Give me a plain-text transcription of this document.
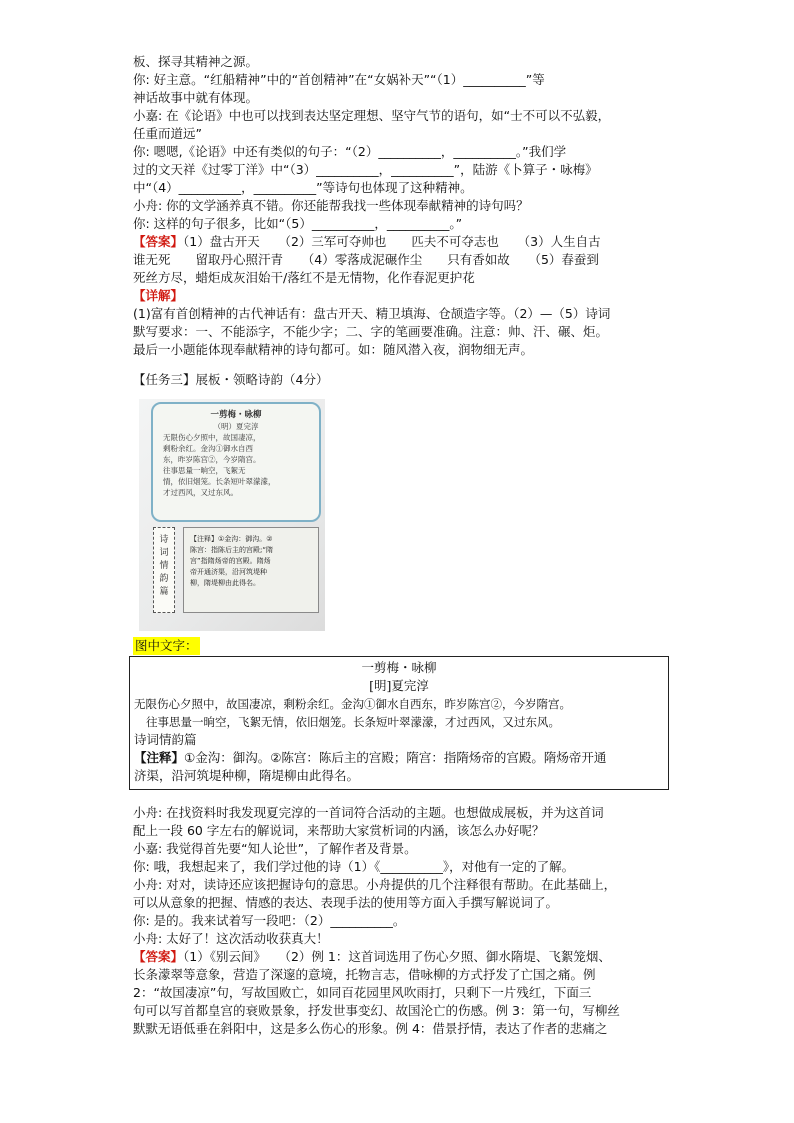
板、探寻其精神之源。
你: 好主意。“红船精神”中的“首创精神”在“女娲补天”“（1）__________”等
神话故事中就有体现。
小嘉: 在《论语》中也可以找到表达坚定理想、坚守气节的语句，如“士不可以不弘毅，
任重而道远”
你: 嗯嗯,《论语》中还有类似的句子：“（2）__________，__________。”我们学
过的文天祥《过零丁洋》中“（3）__________，__________”，陆游《卜算子・咏梅》
中“（4）__________，__________”等诗句也体现了这种精神。
小舟: 你的文学涵养真不错。你还能帮我找一些体现奉献精神的诗句吗？
你: 这样的句子很多，比如“（5）__________，__________。”
【答案】（1）盘古开天　　（2）三军可夺帅也　　匹夫不可夺志也　　（3）人生自古
谁无死　　留取丹心照汗青　　（4）零落成泥碾作尘　　只有香如故　　（5）春蚕到
死丝方尽，蜡炬成灰泪始干/落红不是无情物，化作春泥更护花
【详解】
(1)富有首创精神的古代神话有：盘古开天、精卫填海、仓颉造字等。（2）—（5）诗词
默写要求：一、不能添字，不能少字；二、字的笔画要准确。注意：帅、汗、碾、炬。
最后一小题能体现奉献精神的诗句都可。如：随风潜入夜，润物细无声。
【任务三】展板・领略诗韵（4分）
一剪梅・咏柳
（明）夏完淳
无限伤心夕照中，故国凄凉，
剩粉余红。金沟①御水自西
东，昨岁陈宫②，今岁隋宫。
往事思量一晌空，飞絮无
情，依旧烟笼。长条短叶翠濛濛，
才过西风，又过东风。
诗
词
情
韵
篇
【注释】①金沟：御沟。②
陈宫：指陈后主的宫殿;“隋
宫”指隋炀帝的宫殿。隋炀
帝开通济渠，沿河筑堤种
柳，隋堤柳由此得名。
图中文字：
一剪梅・咏柳
[明]夏完淳
无限伤心夕照中，故国凄凉，剩粉余红。金沟①御水自西东，昨岁陈宫②，今岁隋宫。
往事思量一晌空，飞絮无情，依旧烟笼。长条短叶翠濛濛，才过西风，又过东风。
诗词情韵篇
【注释】①金沟：御沟。②陈宫：陈后主的宫殿；隋宫：指隋炀帝的宫殿。隋炀帝开通
济渠，沿河筑堤种柳，隋堤柳由此得名。
小舟: 在找资料时我发现夏完淳的一首词符合活动的主题。也想做成展板，并为这首词
配上一段 60 字左右的解说词，来帮助大家赏析词的内涵，该怎么办好呢？
小嘉: 我觉得首先要“知人论世”，了解作者及背景。
你: 哦，我想起来了，我们学过他的诗（1）《__________》，对他有一定的了解。
小舟: 对对，读诗还应该把握诗句的意思。小舟提供的几个注释很有帮助。在此基础上，
可以从意象的把握、情感的表达、表现手法的使用等方面入手撰写解说词了。
你: 是的。我来试着写一段吧：（2）__________。
小舟: 太好了！这次活动收获真大！
【答案】（1）《别云间》　　（2）例 1：这首词选用了伤心夕照、御水隋堤、飞絮笼烟、
长条濛翠等意象，营造了深邃的意境，托物言志，借咏柳的方式抒发了亡国之痛。例
2：“故国凄凉”句，写故国败亡，如同百花园里风吹雨打，只剩下一片残红，下面三
句可以写首都皇宫的衰败景象，抒发世事变幻、故国沦亡的伤感。例 3：第一句，写柳丝
默默无语低垂在斜阳中，这是多么伤心的形象。例 4：借景抒情，表达了作者的悲痛之
